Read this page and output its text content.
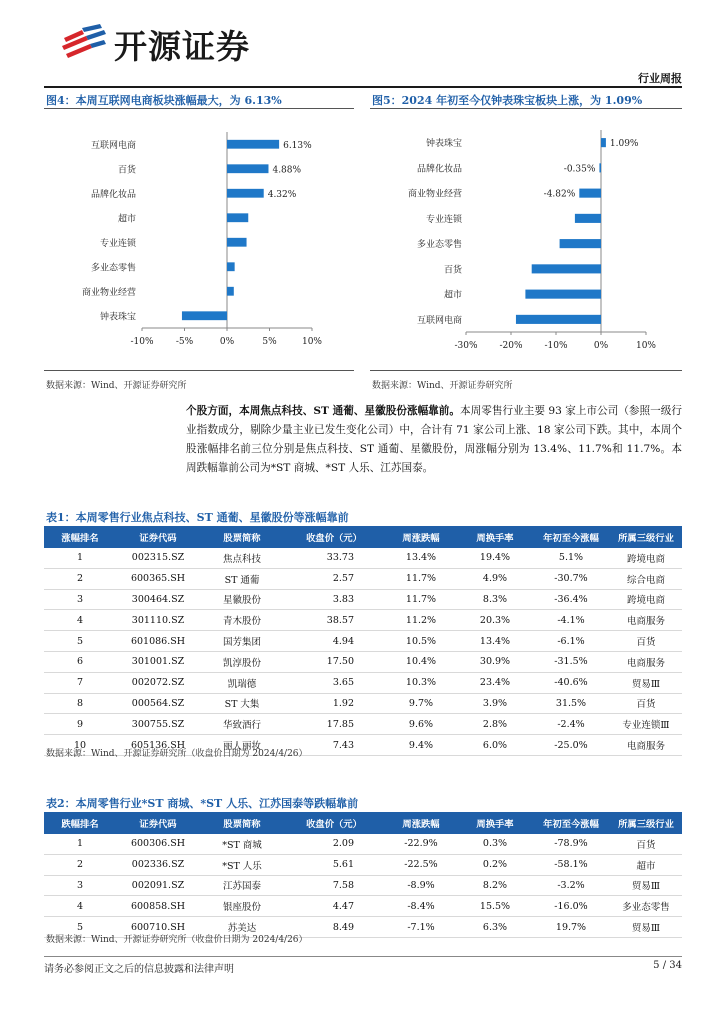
开源证券
行业周报
图4：本周互联网电商板块涨幅最大，为 6.13%
-10% -5%	0%	5%	10%
互联网电商	6.13%
百货	4.88%
品牌化妆品	4.32%
超市
专业连锁
多业态零售
商业物业经营
钟表珠宝
数据来源：Wind、开源证券研究所
图5：2024 年初至今仅钟表珠宝板块上涨，为 1.09%
-30% -20% -10%	0%	10%
钟表珠宝	1.09%
品牌化妆品	-0.35%
商业物业经营	-4.82%
专业连锁
多业态零售
百货
超市
互联网电商
数据来源：Wind、开源证券研究所
个股方面，本周焦点科技、ST 通葡、星徽股份涨幅靠前。本周零售行业主要 93 家上市公司（参照一级行业指数成分，剔除少量主业已发生变化公司）中，合计有 71 家公司上涨、18 家公司下跌。其中，本周个股涨幅排名前三位分别是焦点科技、ST 通葡、星徽股份，周涨幅分别为 13.4%、11.7%和 11.7%。本周跌幅靠前公司为*ST 商城、*ST 人乐、江苏国泰。
表1：本周零售行业焦点科技、ST 通葡、星徽股份等涨幅靠前
涨幅排名	证券代码	股票简称	收盘价（元）	周涨跌幅	周换手率	年初至今涨幅	所属三级行业
1	002315.SZ	焦点科技	33.73	13.4%	19.4%	5.1%	跨境电商
2	600365.SH	ST 通葡	2.57	11.7%	4.9%	-30.7%	综合电商
3	300464.SZ	星徽股份	3.83	11.7%	8.3%	-36.4%	跨境电商
4	301110.SZ	青木股份	38.57	11.2%	20.3%	-4.1%	电商服务
5	601086.SH	国芳集团	4.94	10.5%	13.4%	-6.1%	百货
6	301001.SZ	凯淳股份	17.50	10.4%	30.9%	-31.5%	电商服务
7	002072.SZ	凯瑞德	3.65	10.3%	23.4%	-40.6%	贸易Ⅲ
8	000564.SZ	ST 大集	1.92	9.7%	3.9%	31.5%	百货
9	300755.SZ	华致酒行	17.85	9.6%	2.8%	-2.4%	专业连锁Ⅲ
10	605136.SH	丽人丽妆	7.43	9.4%	6.0%	-25.0%	电商服务
数据来源：Wind、开源证券研究所（收盘价日期为 2024/4/26）
表2：本周零售行业*ST 商城、*ST 人乐、江苏国泰等跌幅靠前
跌幅排名	证券代码	股票简称	收盘价（元）	周涨跌幅	周换手率	年初至今涨幅	所属三级行业
1	600306.SH	*ST 商城	2.09	-22.9%	0.3%	-78.9%	百货
2	002336.SZ	*ST 人乐	5.61	-22.5%	0.2%	-58.1%	超市
3	002091.SZ	江苏国泰	7.58	-8.9%	8.2%	-3.2%	贸易Ⅲ
4	600858.SH	银座股份	4.47	-8.4%	15.5%	-16.0%	多业态零售
5	600710.SH	苏美达	8.49	-7.1%	6.3%	19.7%	贸易Ⅲ
数据来源：Wind、开源证券研究所（收盘价日期为 2024/4/26）
请务必参阅正文之后的信息披露和法律声明	5 / 34
